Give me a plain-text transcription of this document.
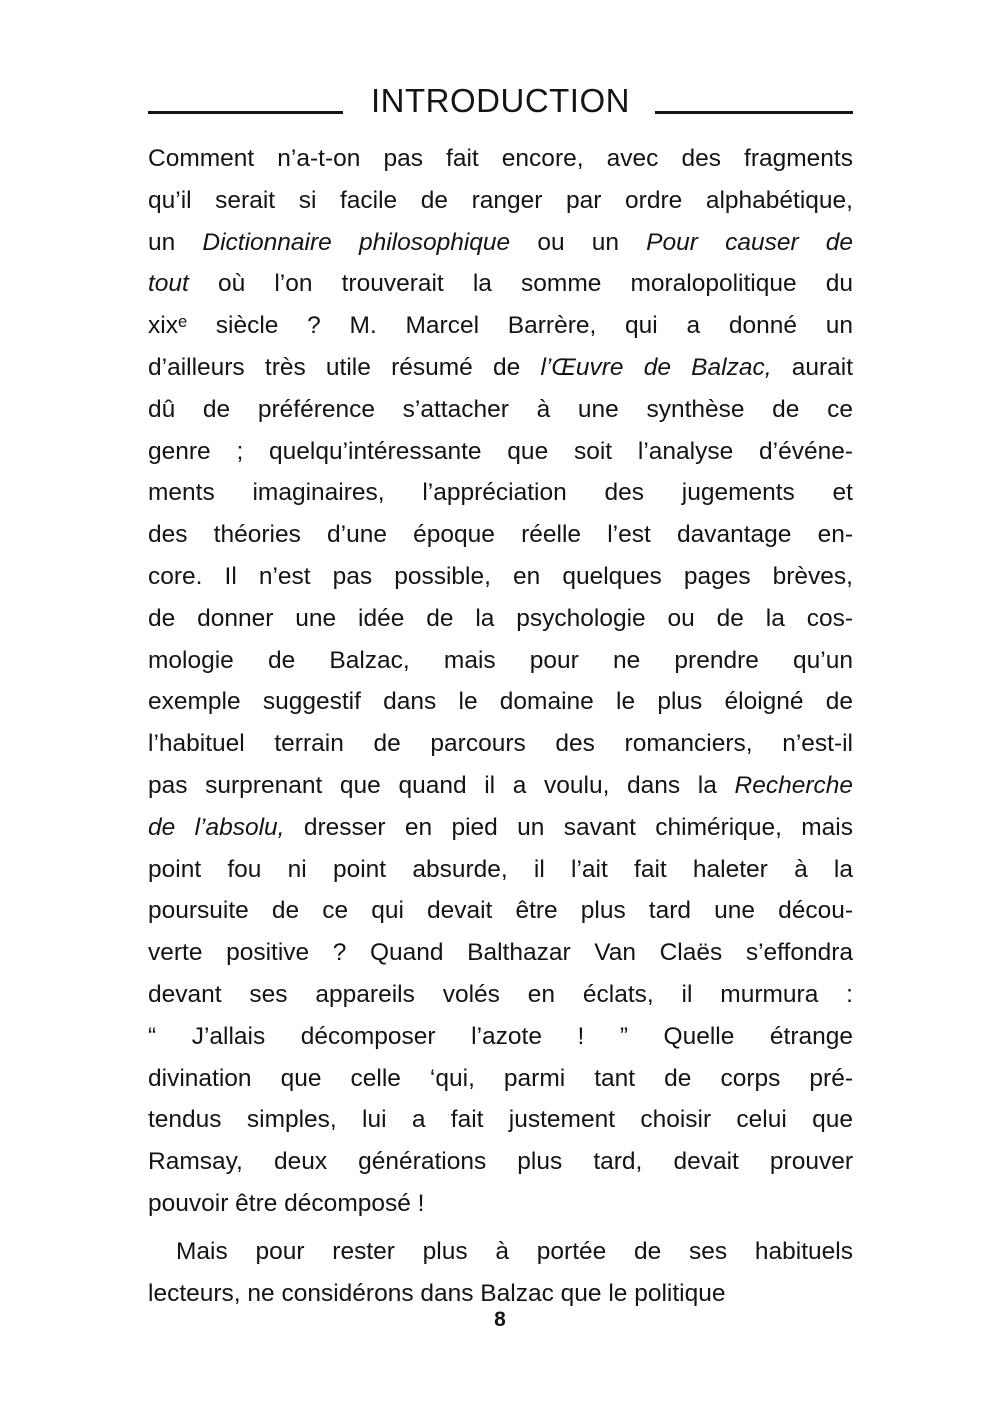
INTRODUCTION
Comment n’a-t-on pas fait encore, avec des fragments
qu’il serait si facile de ranger par ordre alphabétique,
un Dictionnaire philosophique ou un Pour causer de
tout où l’on trouverait la somme moralopolitique du
xixᵉ siècle ? M. Marcel Barrère, qui a donné un
d’ailleurs très utile résumé de l’Œuvre de Balzac, aurait
dû de préférence s’attacher à une synthèse de ce
genre ; quelqu’intéressante que soit l’analyse d’événe-
ments imaginaires, l’appréciation des jugements et
des théories d’une époque réelle l’est davantage en-
core. Il n’est pas possible, en quelques pages brèves,
de donner une idée de la psychologie ou de la cos-
mologie de Balzac, mais pour ne prendre qu’un
exemple suggestif dans le domaine le plus éloigné de
l’habituel terrain de parcours des romanciers, n’est-il
pas surprenant que quand il a voulu, dans la Recherche
de l’absolu, dresser en pied un savant chimérique, mais
point fou ni point absurde, il l’ait fait haleter à la
poursuite de ce qui devait être plus tard une décou-
verte positive ? Quand Balthazar Van Claës s’effondra
devant ses appareils volés en éclats, il murmura :
“ J’allais décomposer l’azote ! ” Quelle étrange
divination que celle ‘qui, parmi tant de corps pré-
tendus simples, lui a fait justement choisir celui que
Ramsay, deux générations plus tard, devait prouver
pouvoir être décomposé !
Mais pour rester plus à portée de ses habituels
lecteurs, ne considérons dans Balzac que le politique
8
